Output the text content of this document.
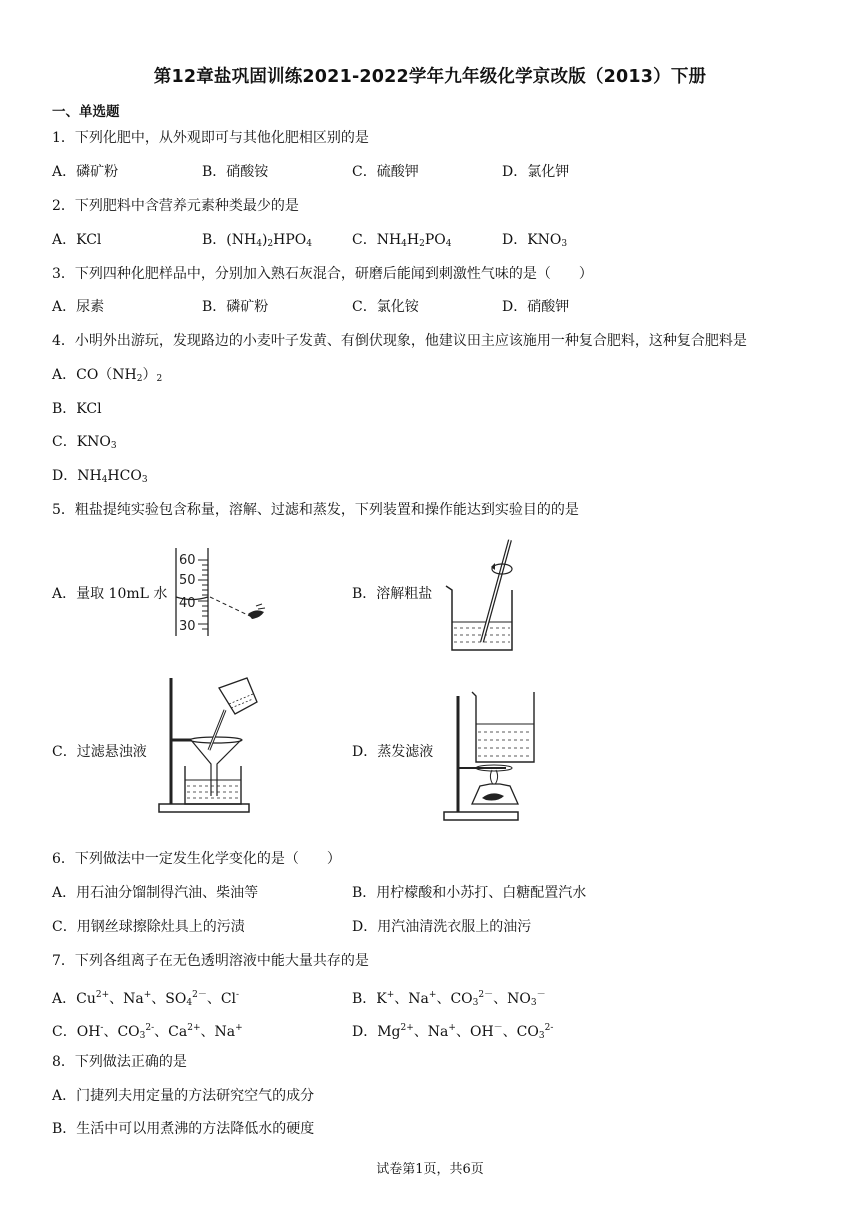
第12章盐巩固训练2021-2022学年九年级化学京改版（2013）下册
一、单选题
1．下列化肥中，从外观即可与其他化肥相区别的是
A．磷矿粉	B．硝酸铵	C．硫酸钾	D．氯化钾
2．下列肥料中含营养元素种类最少的是
A．KCl	B．$(NH_4)_2HPO_4$	C．$NH_4H_2PO_4$	D．$KNO_3$
3．下列四种化肥样品中，分别加入熟石灰混合，研磨后能闻到刺激性气味的是（　　）
A．尿素	B．磷矿粉	C．氯化铵	D．硝酸钾
4．小明外出游玩，发现路边的小麦叶子发黄、有倒伏现象，他建议田主应该施用一种复合肥料，这种复合肥料是
A．$CO(NH_2)_2$
B．KCl
C．$KNO_3$
D．$NH_4HCO_3$
5．粗盐提纯实验包含称量，溶解、过滤和蒸发，下列装置和操作能达到实验目的的是
A．量取 10mL 水
60
50
40
30
B．溶解粗盐
C．过滤悬浊液	D．蒸发滤液
6．下列做法中一定发生化学变化的是（　　）
A．用石油分馏制得汽油、柴油等	B．用柠檬酸和小苏打、白糖配置汽水
C．用钢丝球擦除灶具上的污渍	D．用汽油清洗衣服上的油污
7．下列各组离子在无色透明溶液中能大量共存的是
A．$Cu^{2+}$、Na+、$SO_4^{2-}$、Cl-	B．K+、Na+、$CO_3^{2-}$、$NO_3^-$
C．OH-、$CO_3^{2-}$、$Ca^{2+}$、Na+	D．$Mg^{2+}$、Na+、OH－、$CO_3^{2-}$
8．下列做法正确的是
A．门捷列夫用定量的方法研究空气的成分
B．生活中可以用煮沸的方法降低水的硬度
试卷第1页，共6页
